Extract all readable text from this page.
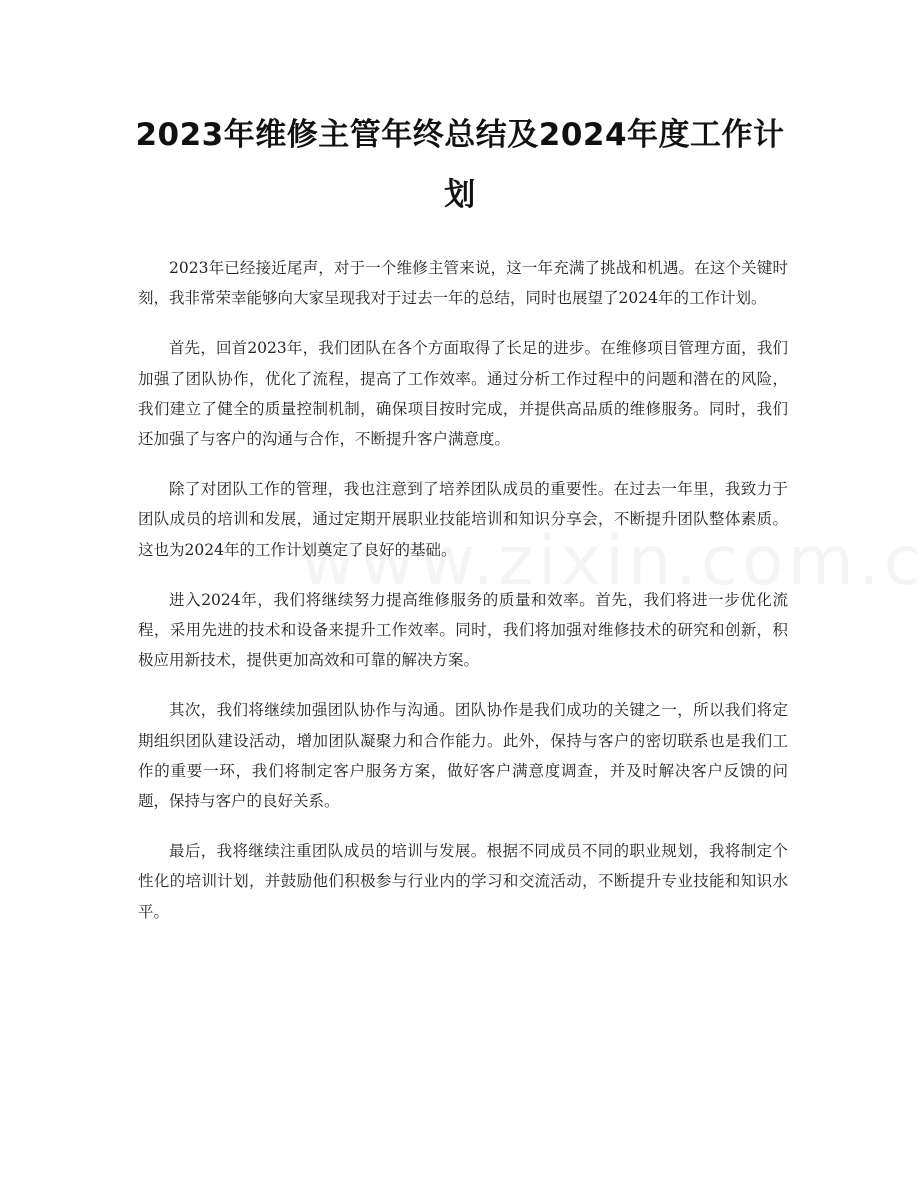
2023年维修主管年终总结及2024年度工作计划

2023年已经接近尾声，对于一个维修主管来说，这一年充满了挑战和机遇。在这个关键时刻，我非常荣幸能够向大家呈现我对于过去一年的总结，同时也展望了2024年的工作计划。

首先，回首2023年，我们团队在各个方面取得了长足的进步。在维修项目管理方面，我们加强了团队协作，优化了流程，提高了工作效率。通过分析工作过程中的问题和潜在的风险，我们建立了健全的质量控制机制，确保项目按时完成，并提供高品质的维修服务。同时，我们还加强了与客户的沟通与合作，不断提升客户满意度。

除了对团队工作的管理，我也注意到了培养团队成员的重要性。在过去一年里，我致力于团队成员的培训和发展，通过定期开展职业技能培训和知识分享会，不断提升团队整体素质。这也为2024年的工作计划奠定了良好的基础。

进入2024年，我们将继续努力提高维修服务的质量和效率。首先，我们将进一步优化流程，采用先进的技术和设备来提升工作效率。同时，我们将加强对维修技术的研究和创新，积极应用新技术，提供更加高效和可靠的解决方案。

其次，我们将继续加强团队协作与沟通。团队协作是我们成功的关键之一，所以我们将定期组织团队建设活动，增加团队凝聚力和合作能力。此外，保持与客户的密切联系也是我们工作的重要一环，我们将制定客户服务方案，做好客户满意度调查，并及时解决客户反馈的问题，保持与客户的良好关系。

最后，我将继续注重团队成员的培训与发展。根据不同成员不同的职业规划，我将制定个性化的培训计划，并鼓励他们积极参与行业内的学习和交流活动，不断提升专业技能和知识水平。
